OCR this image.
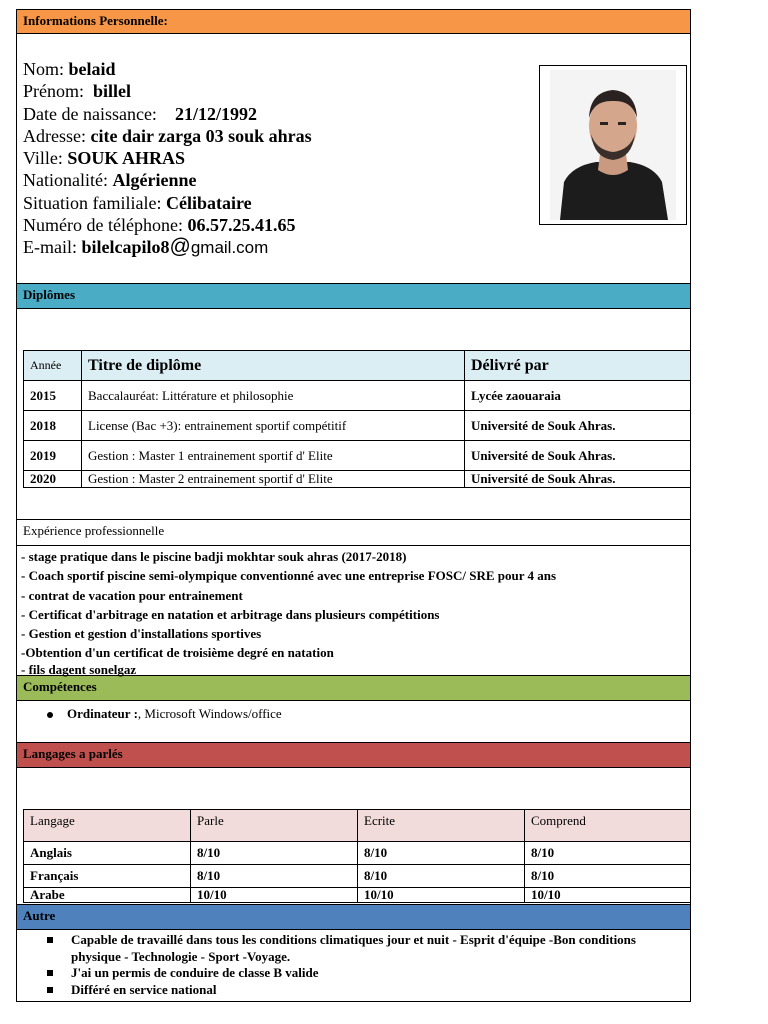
Informations Personnelle:
Nom: belaid
Prénom: billel
Date de naissance: 21/12/1992
Adresse: cite dair zarga 03 souk ahras
Ville: SOUK AHRAS
Nationalité: Algérienne
Situation familiale: Célibataire
Numéro de téléphone: 06.57.25.41.65
E-mail: bilelcapilo8@gmail.com
Diplômes
Année	Titre de diplôme	Délivré par
2015	Baccalauréat: Littérature et philosophie	Lycée zaouaraia
2018	License (Bac +3): entrainement sportif compétitif	Université de Souk Ahras.
2019	Gestion : Master 1 entrainement sportif d' Elite	Université de Souk Ahras.
2020	Gestion : Master 2 entrainement sportif d' Elite	Université de Souk Ahras.
Expérience professionnelle
- stage pratique dans le piscine badji mokhtar souk ahras (2017-2018)
- Coach sportif piscine semi-olympique conventionné avec une entreprise FOSC/ SRE pour 4 ans
- contrat de vacation pour entrainement
- Certificat d'arbitrage en natation et arbitrage dans plusieurs compétitions
- Gestion et gestion d'installations sportives
-Obtention d'un certificat de troisième degré en natation
- fils dagent sonelgaz
Compétences
Ordinateur :, Microsoft Windows/office
Langages a parlés
Langage	Parle	Ecrite	Comprend
Anglais	8/10	8/10	8/10
Français	8/10	8/10	8/10
Arabe	10/10	10/10	10/10
Autre
Capable de travaillé dans tous les conditions climatiques jour et nuit - Esprit d'équipe -Bon conditions physique - Technologie - Sport -Voyage.
J'ai un permis de conduire de classe B valide
Différé en service national
